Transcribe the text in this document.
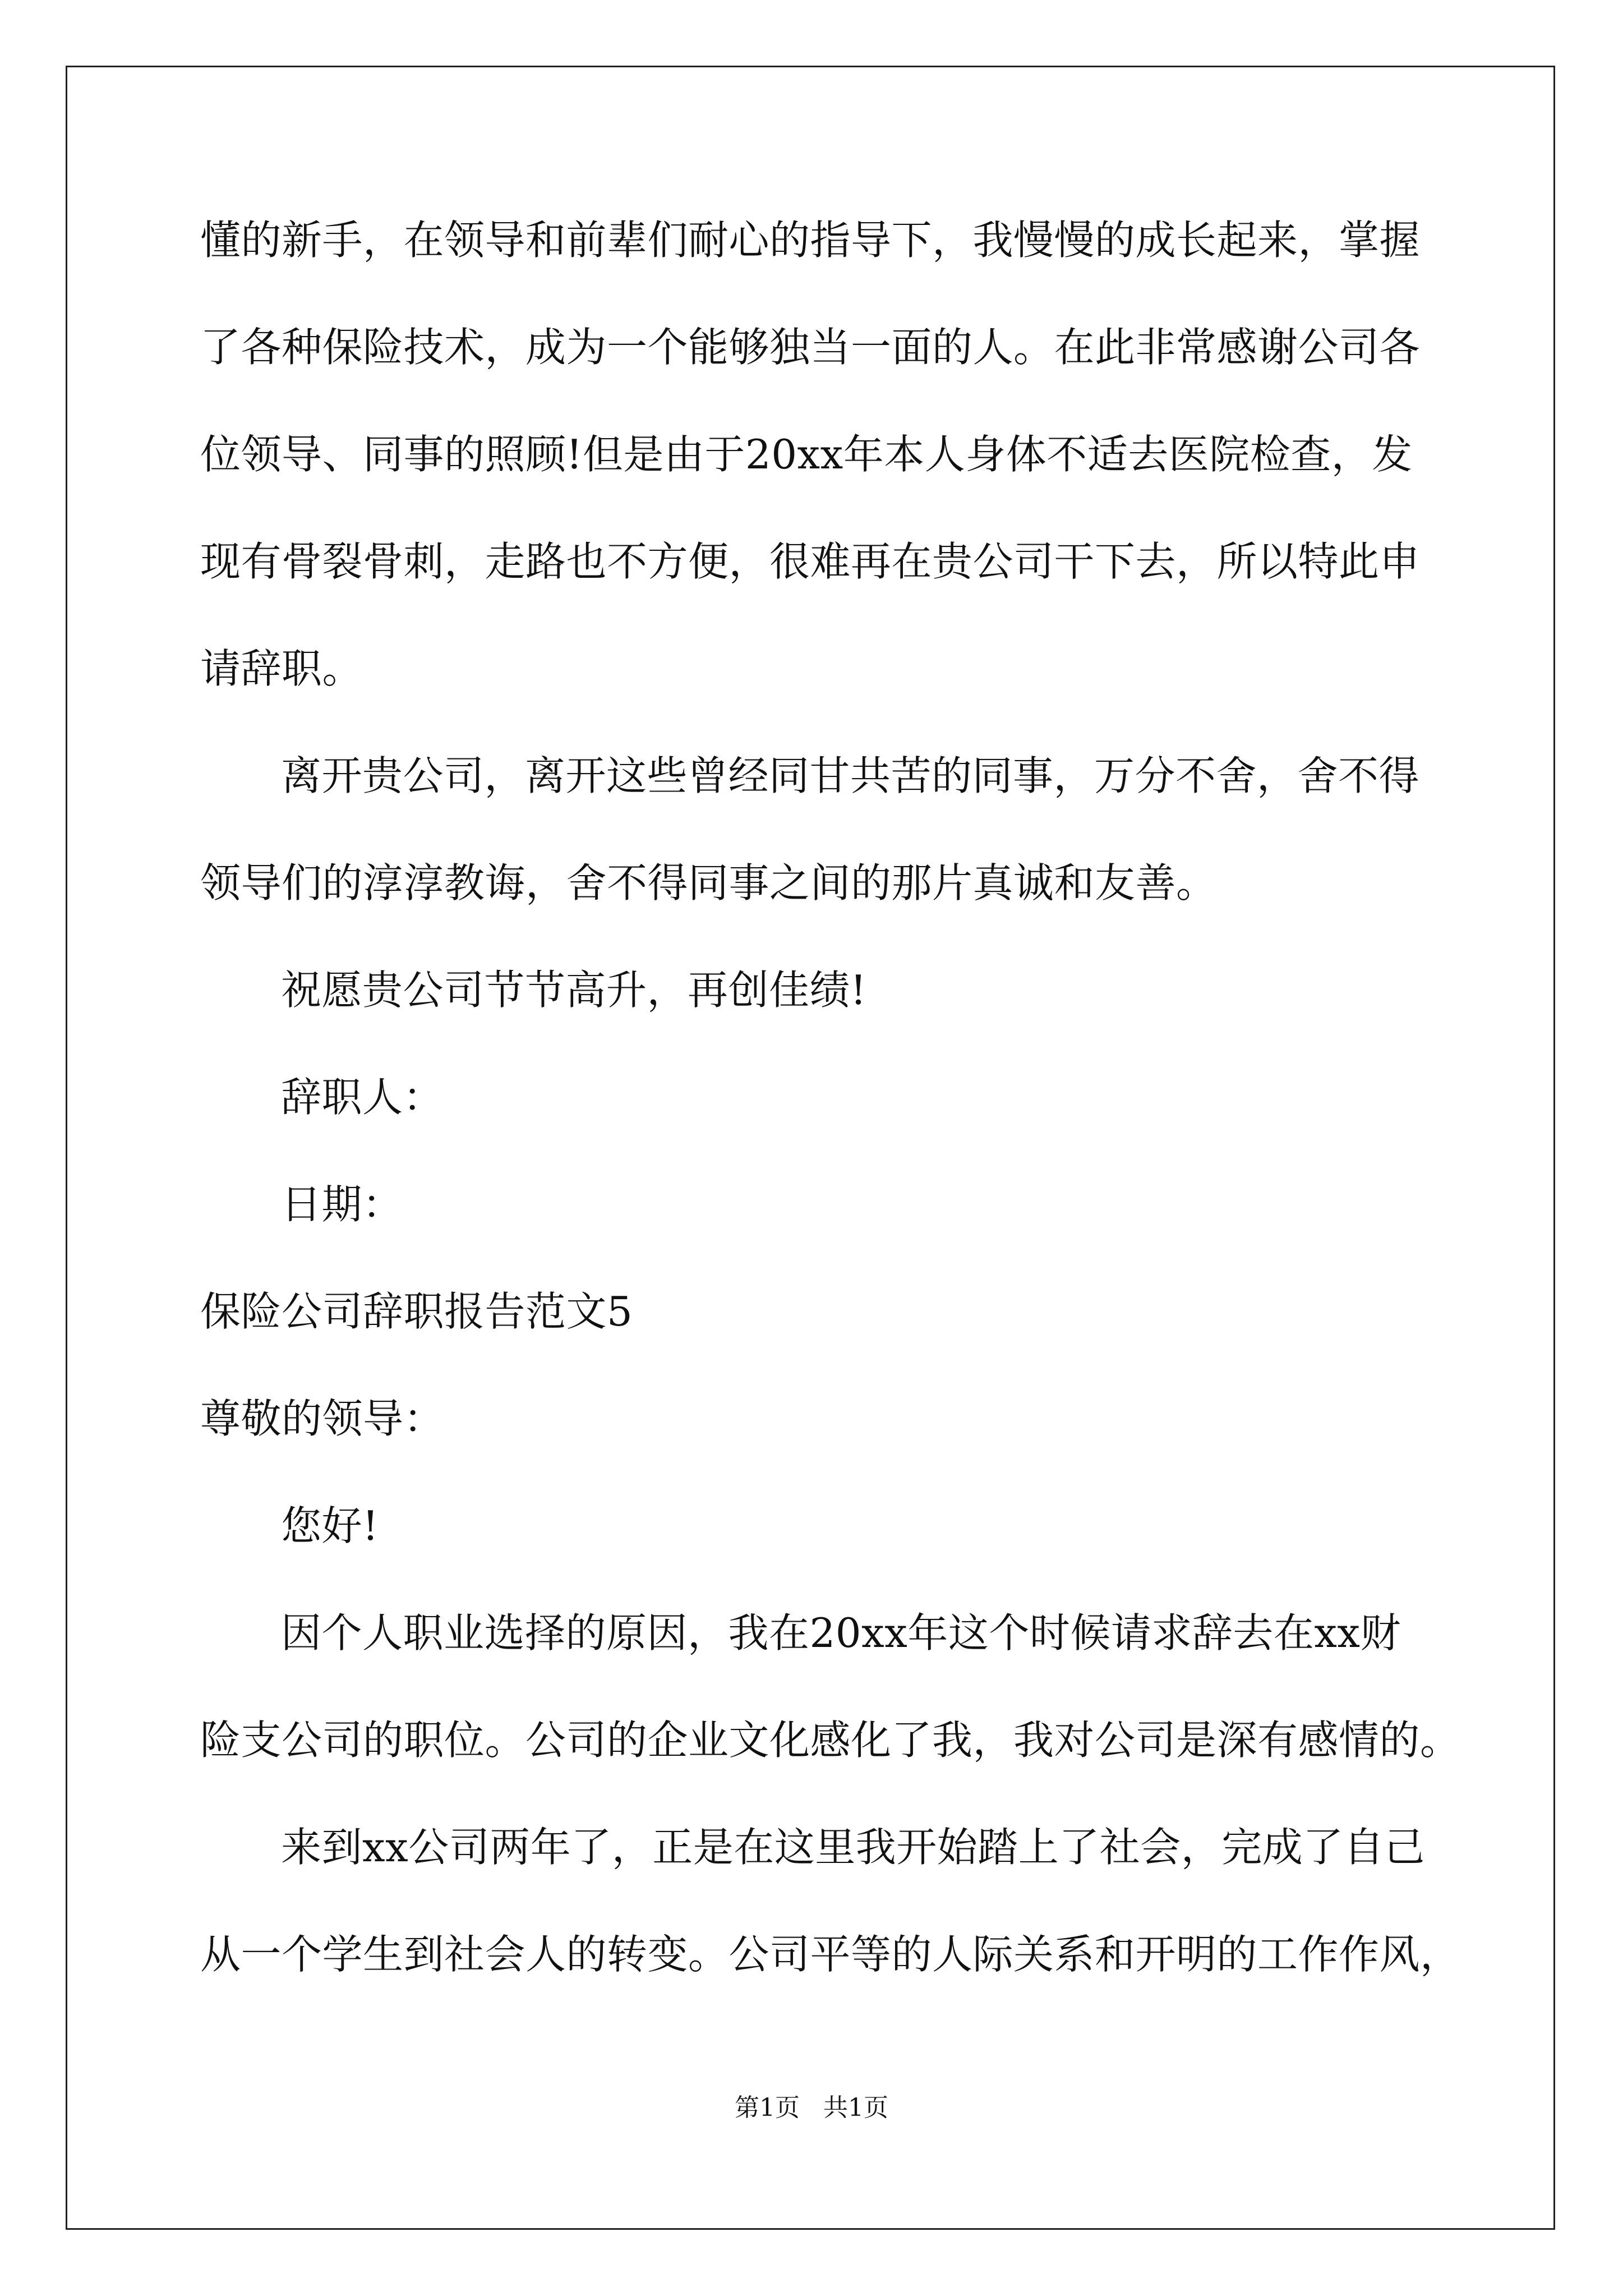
懂的新手，在领导和前辈们耐心的指导下，我慢慢的成长起来，掌握
了各种保险技术，成为一个能够独当一面的人。在此非常感谢公司各
位领导、同事的照顾!但是由于20xx年本人身体不适去医院检查，发
现有骨裂骨刺，走路也不方便，很难再在贵公司干下去，所以特此申
请辞职。
离开贵公司，离开这些曾经同甘共苦的同事，万分不舍，舍不得
领导们的淳淳教诲，舍不得同事之间的那片真诚和友善。
祝愿贵公司节节高升，再创佳绩!
辞职人：
日期：
保险公司辞职报告范文5
尊敬的领导：
您好!
因个人职业选择的原因，我在20xx年这个时候请求辞去在xx财
险支公司的职位。公司的企业文化感化了我，我对公司是深有感情的。
来到xx公司两年了，正是在这里我开始踏上了社会，完成了自己
从一个学生到社会人的转变。公司平等的人际关系和开明的工作作风，
第1页 共1页
